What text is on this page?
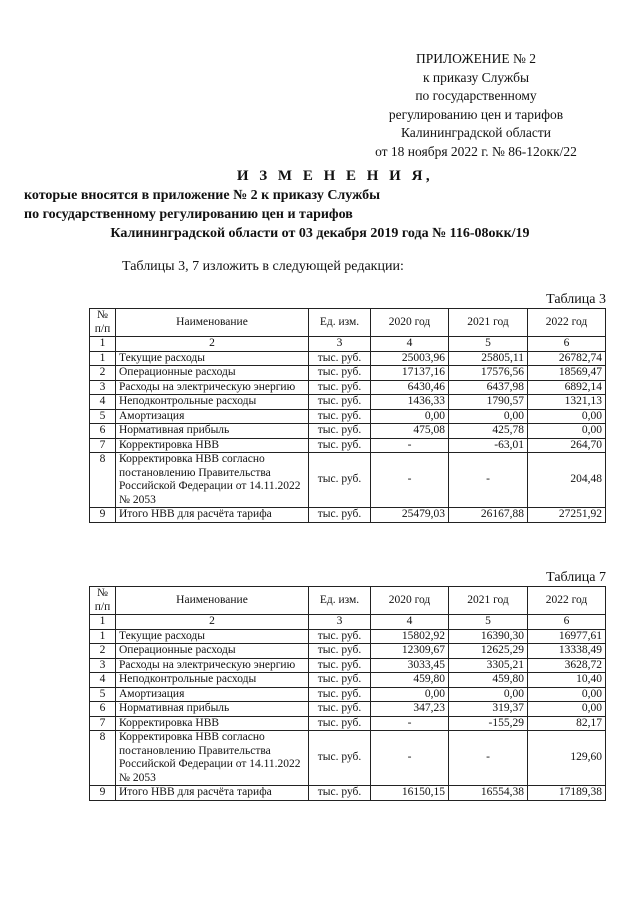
ПРИЛОЖЕНИЕ № 2
к приказу Службы
по государственному
регулированию цен и тарифов
Калининградской области
от 18 ноября 2022 г. № 86-12окк/22
И З М Е Н Е Н И Я,
которые вносятся в приложение № 2 к приказу Службы
по государственному регулированию цен и тарифов
Калининградской области от 03 декабря 2019 года № 116-08окк/19
Таблицы 3, 7 изложить в следующей редакции:
Таблица 3
№ п/п	Наименование	Ед. изм.	2020 год	2021 год	2022 год
1	2	3	4	5	6
1	Текущие расходы	тыс. руб.	25003,96	25805,11	26782,74
2	Операционные расходы	тыс. руб.	17137,16	17576,56	18569,47
3	Расходы на электрическую энергию	тыс. руб.	6430,46	6437,98	6892,14
4	Неподконтрольные расходы	тыс. руб.	1436,33	1790,57	1321,13
5	Амортизация	тыс. руб.	0,00	0,00	0,00
6	Нормативная прибыль	тыс. руб.	475,08	425,78	0,00
7	Корректировка НВВ	тыс. руб.	-	-63,01	264,70
8	Корректировка НВВ согласно постановлению Правительства Российской Федерации от 14.11.2022 № 2053	тыс. руб.	-	-	204,48
9	Итого НВВ для расчёта тарифа	тыс. руб.	25479,03	26167,88	27251,92
Таблица 7
№ п/п	Наименование	Ед. изм.	2020 год	2021 год	2022 год
1	2	3	4	5	6
1	Текущие расходы	тыс. руб.	15802,92	16390,30	16977,61
2	Операционные расходы	тыс. руб.	12309,67	12625,29	13338,49
3	Расходы на электрическую энергию	тыс. руб.	3033,45	3305,21	3628,72
4	Неподконтрольные расходы	тыс. руб.	459,80	459,80	10,40
5	Амортизация	тыс. руб.	0,00	0,00	0,00
6	Нормативная прибыль	тыс. руб.	347,23	319,37	0,00
7	Корректировка НВВ	тыс. руб.	-	-155,29	82,17
8	Корректировка НВВ согласно постановлению Правительства Российской Федерации от 14.11.2022 № 2053	тыс. руб.	-	-	129,60
9	Итого НВВ для расчёта тарифа	тыс. руб.	16150,15	16554,38	17189,38
